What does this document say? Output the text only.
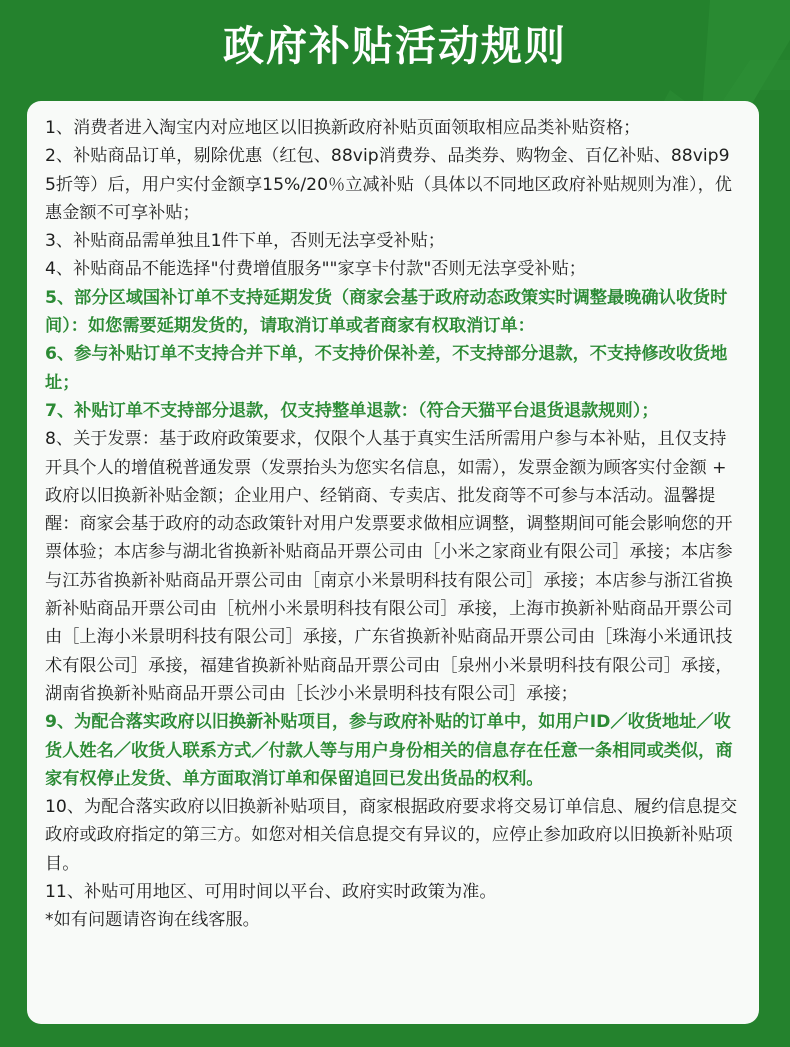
政府补贴活动规则

1、消费者进入淘宝内对应地区以旧换新政府补贴页面领取相应品类补贴资格；

2、补贴商品订单，剔除优惠（红包、88vip消费券、品类券、购物金、百亿补贴、88vip95折等）后，用户实付金额享15%/20％立减补贴（具体以不同地区政府补贴规则为准），优惠金额不可享补贴；

3、补贴商品需单独且1件下单，否则无法享受补贴；

4、补贴商品不能选择"付费增值服务""家享卡付款"否则无法享受补贴；

5、部分区域国补订单不支持延期发货（商家会基于政府动态政策实时调整最晚确认收货时间）：如您需要延期发货的，请取消订单或者商家有权取消订单：

6、参与补贴订单不支持合并下单，不支持价保补差，不支持部分退款，不支持修改收货地址；

7、补贴订单不支持部分退款，仅支持整单退款：（符合天猫平台退货退款规则）；

8、关于发票：基于政府政策要求，仅限个人基于真实生活所需用户参与本补贴，且仅支持开具个人的增值税普通发票（发票抬头为您实名信息，如需），发票金额为顾客实付金额 + 政府以旧换新补贴金额；企业用户、经销商、专卖店、批发商等不可参与本活动。温馨提醒：商家会基于政府的动态政策针对用户发票要求做相应调整，调整期间可能会影响您的开票体验；本店参与湖北省换新补贴商品开票公司由［小米之家商业有限公司］承接；本店参与江苏省换新补贴商品开票公司由［南京小米景明科技有限公司］承接；本店参与浙江省换新补贴商品开票公司由［杭州小米景明科技有限公司］承接，上海市换新补贴商品开票公司由［上海小米景明科技有限公司］承接，广东省换新补贴商品开票公司由［珠海小米通讯技术有限公司］承接，福建省换新补贴商品开票公司由［泉州小米景明科技有限公司］承接，湖南省换新补贴商品开票公司由［长沙小米景明科技有限公司］承接；

9、为配合落实政府以旧换新补贴项目，参与政府补贴的订单中，如用户ID／收货地址／收货人姓名／收货人联系方式／付款人等与用户身份相关的信息存在任意一条相同或类似，商家有权停止发货、单方面取消订单和保留追回已发出货品的权利。

10、为配合落实政府以旧换新补贴项目，商家根据政府要求将交易订单信息、履约信息提交政府或政府指定的第三方。如您对相关信息提交有异议的，应停止参加政府以旧换新补贴项目。

11、补贴可用地区、可用时间以平台、政府实时政策为准。

*如有问题请咨询在线客服。
